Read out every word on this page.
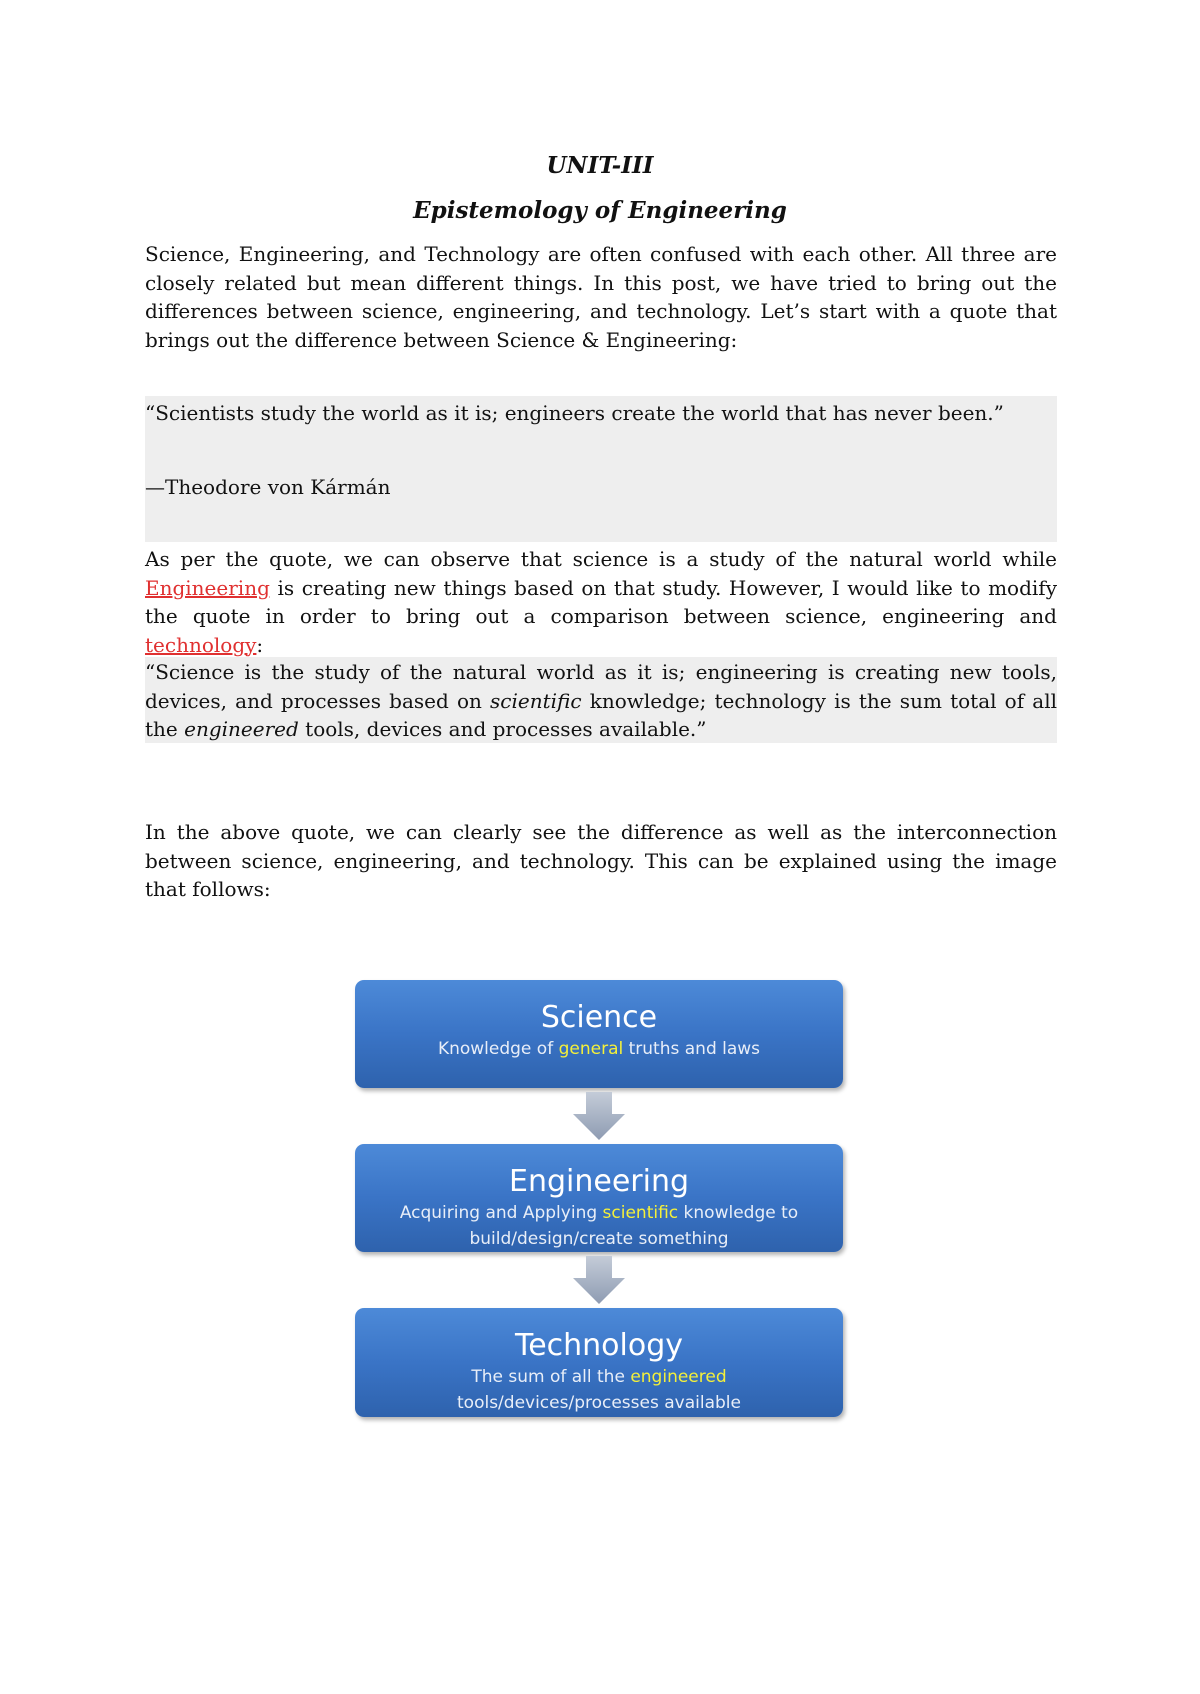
UNIT-III
Epistemology of Engineering

Science, Engineering, and Technology are often confused with each other. All three are closely related but mean different things. In this post, we have tried to bring out the differences between science, engineering, and technology. Let’s start with a quote that brings out the difference between Science & Engineering:

“Scientists study the world as it is; engineers create the world that has never been.”
—Theodore von Kármán

As per the quote, we can observe that science is a study of the natural world while Engineering is creating new things based on that study. However, I would like to modify the quote in order to bring out a comparison between science, engineering and technology:

“Science is the study of the natural world as it is; engineering is creating new tools, devices, and processes based on scientific knowledge; technology is the sum total of all the engineered tools, devices and processes available.”

In the above quote, we can clearly see the difference as well as the interconnection between science, engineering, and technology. This can be explained using the image that follows:

Science
Knowledge of general truths and laws
Engineering
Acquiring and Applying scientific knowledge to
build/design/create something
Technology
The sum of all the engineered
tools/devices/processes available
